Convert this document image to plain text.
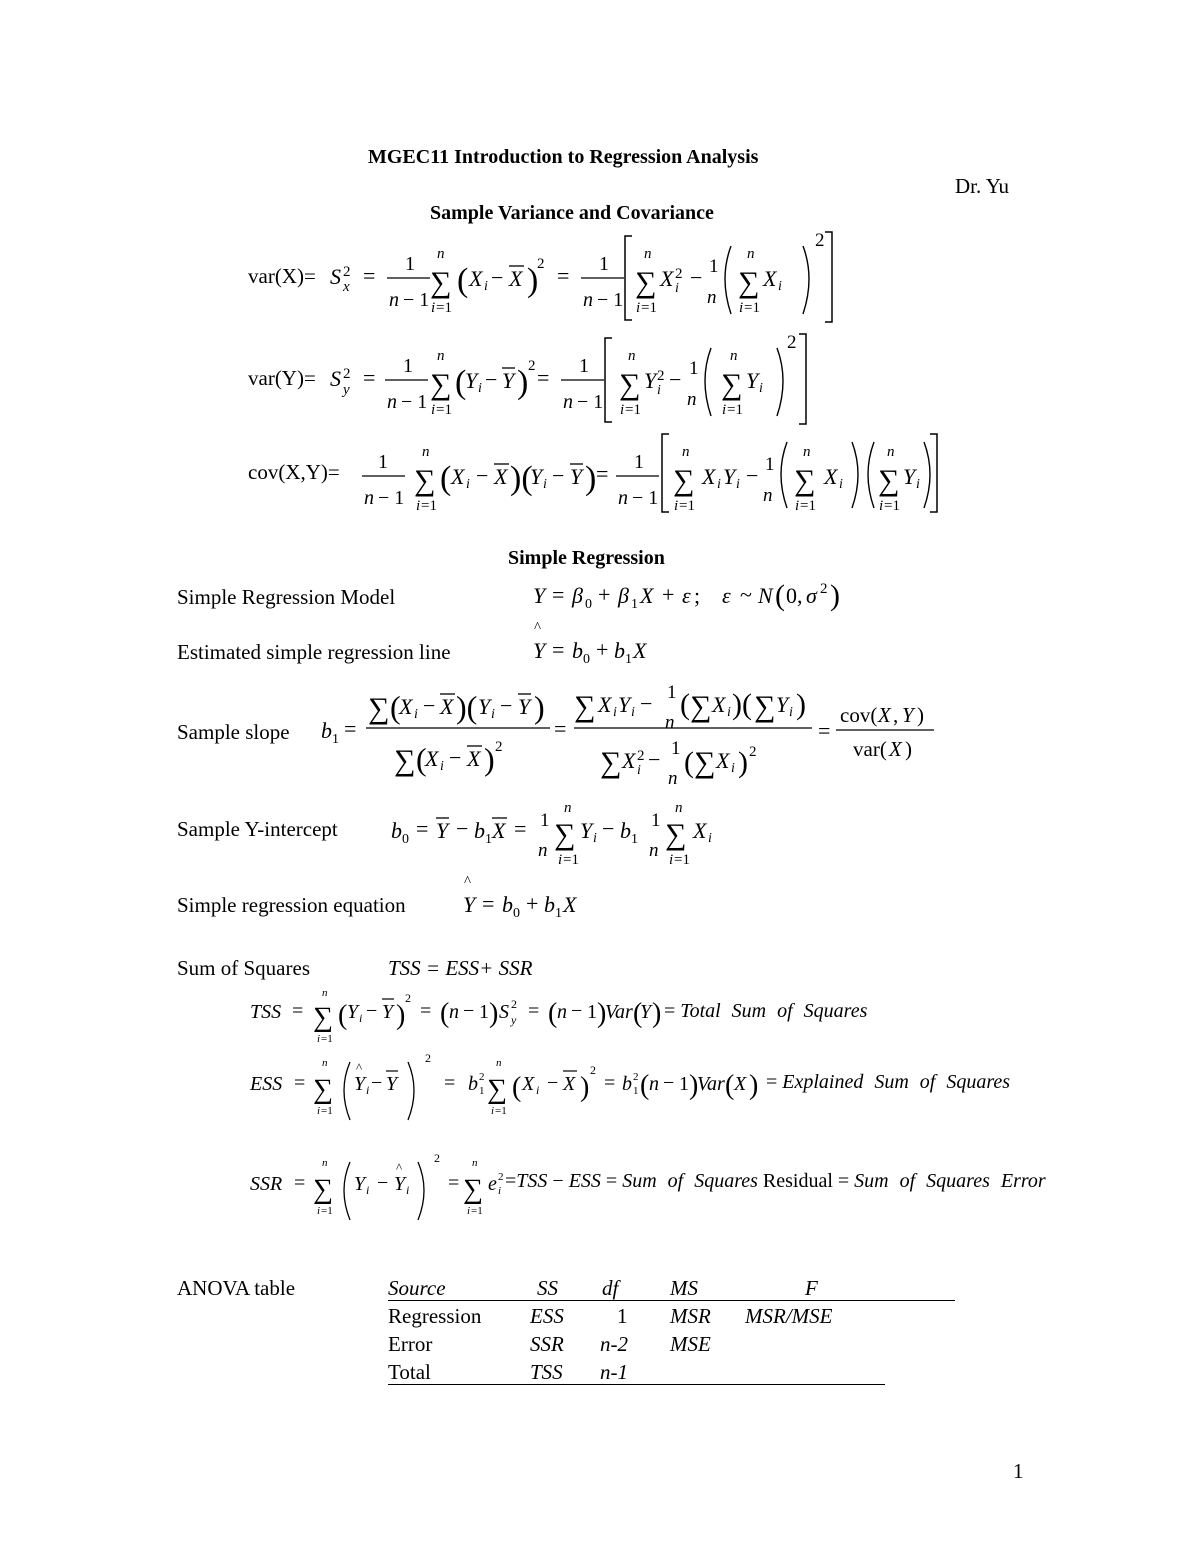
MGEC11 Introduction to Regression Analysis
Dr. Yu
Sample Variance and Covariance
var(X)= S 2
x = 1
n − 1
n
∑
i =1
( X i − X )
2 = 1
n − 1
n
∑
i =1
X 2
i − 1
n
n
∑
i =1
X i
2
var(Y)= S 2
y = 1
n − 1
n
∑
i =1
(
Y i − Y ) 2 = 1
n − 1
n
∑
i =1
Y 2
i − 1
n
n
∑
i =1
Y i
2
cov(X,Y)= 1
n − 1
n
∑
i =1
( X i − X )(
Y i − Y ) = 1
n − 1
n
∑
i =1
X i Y i − 1
n
n
∑
i =1
X i
n
∑
i =1
Y i
Simple Regression
Simple Regression Model	Y = β 0 + β 1 X + ε ; ε ~ N ( 0, σ 2 )
Estimated simple regression line
^
Y = b 0 + b 1 X
Sample slope b 1 =
∑ (
X i − X )( Y i − Y )
∑ (
X i − X ) 2
=
∑ X i Y i − 1
n
( ∑ X i )( ∑ Y i )
∑ X 2
i − 1
n ( ∑ X i ) 2
=
cov( X , Y )
var( X )
Sample Y-intercept b 0 = Y − b 1 X = 1
n
n
∑
i =1
Y i − b 1
1
n
n
∑
i =1
X i
Simple regression equation
^
Y = b 0 + b 1 X
Sum of Squares	TSS = ESS+ SSR
TSS =
n
∑
i =1
( Y i − Y )
2
= ( n − 1 ) S 2
y = ( n − 1 )
Var (
Y ) = Total Sum of Squares
ESS =
n
∑
i =1
^
Y i − Y
2
= b 2
1
n
∑
i =1
( X i − X )
2
= b 2
1 ( n − 1 )
Var ( X ) = Explained Sum of Squares
SSR =
n
∑
i =1
Y i −
^
Y i
2
=
n
∑
i =1
e 2
i =TSS − ESS = Sum of Squares Residual = Sum of Squares Error
ANOVA table	Source	SS df MS	F
Regression ESS	1 MSR MSR/MSE
Error	SSR n-2 MSE
Total	TSS n-1
1
